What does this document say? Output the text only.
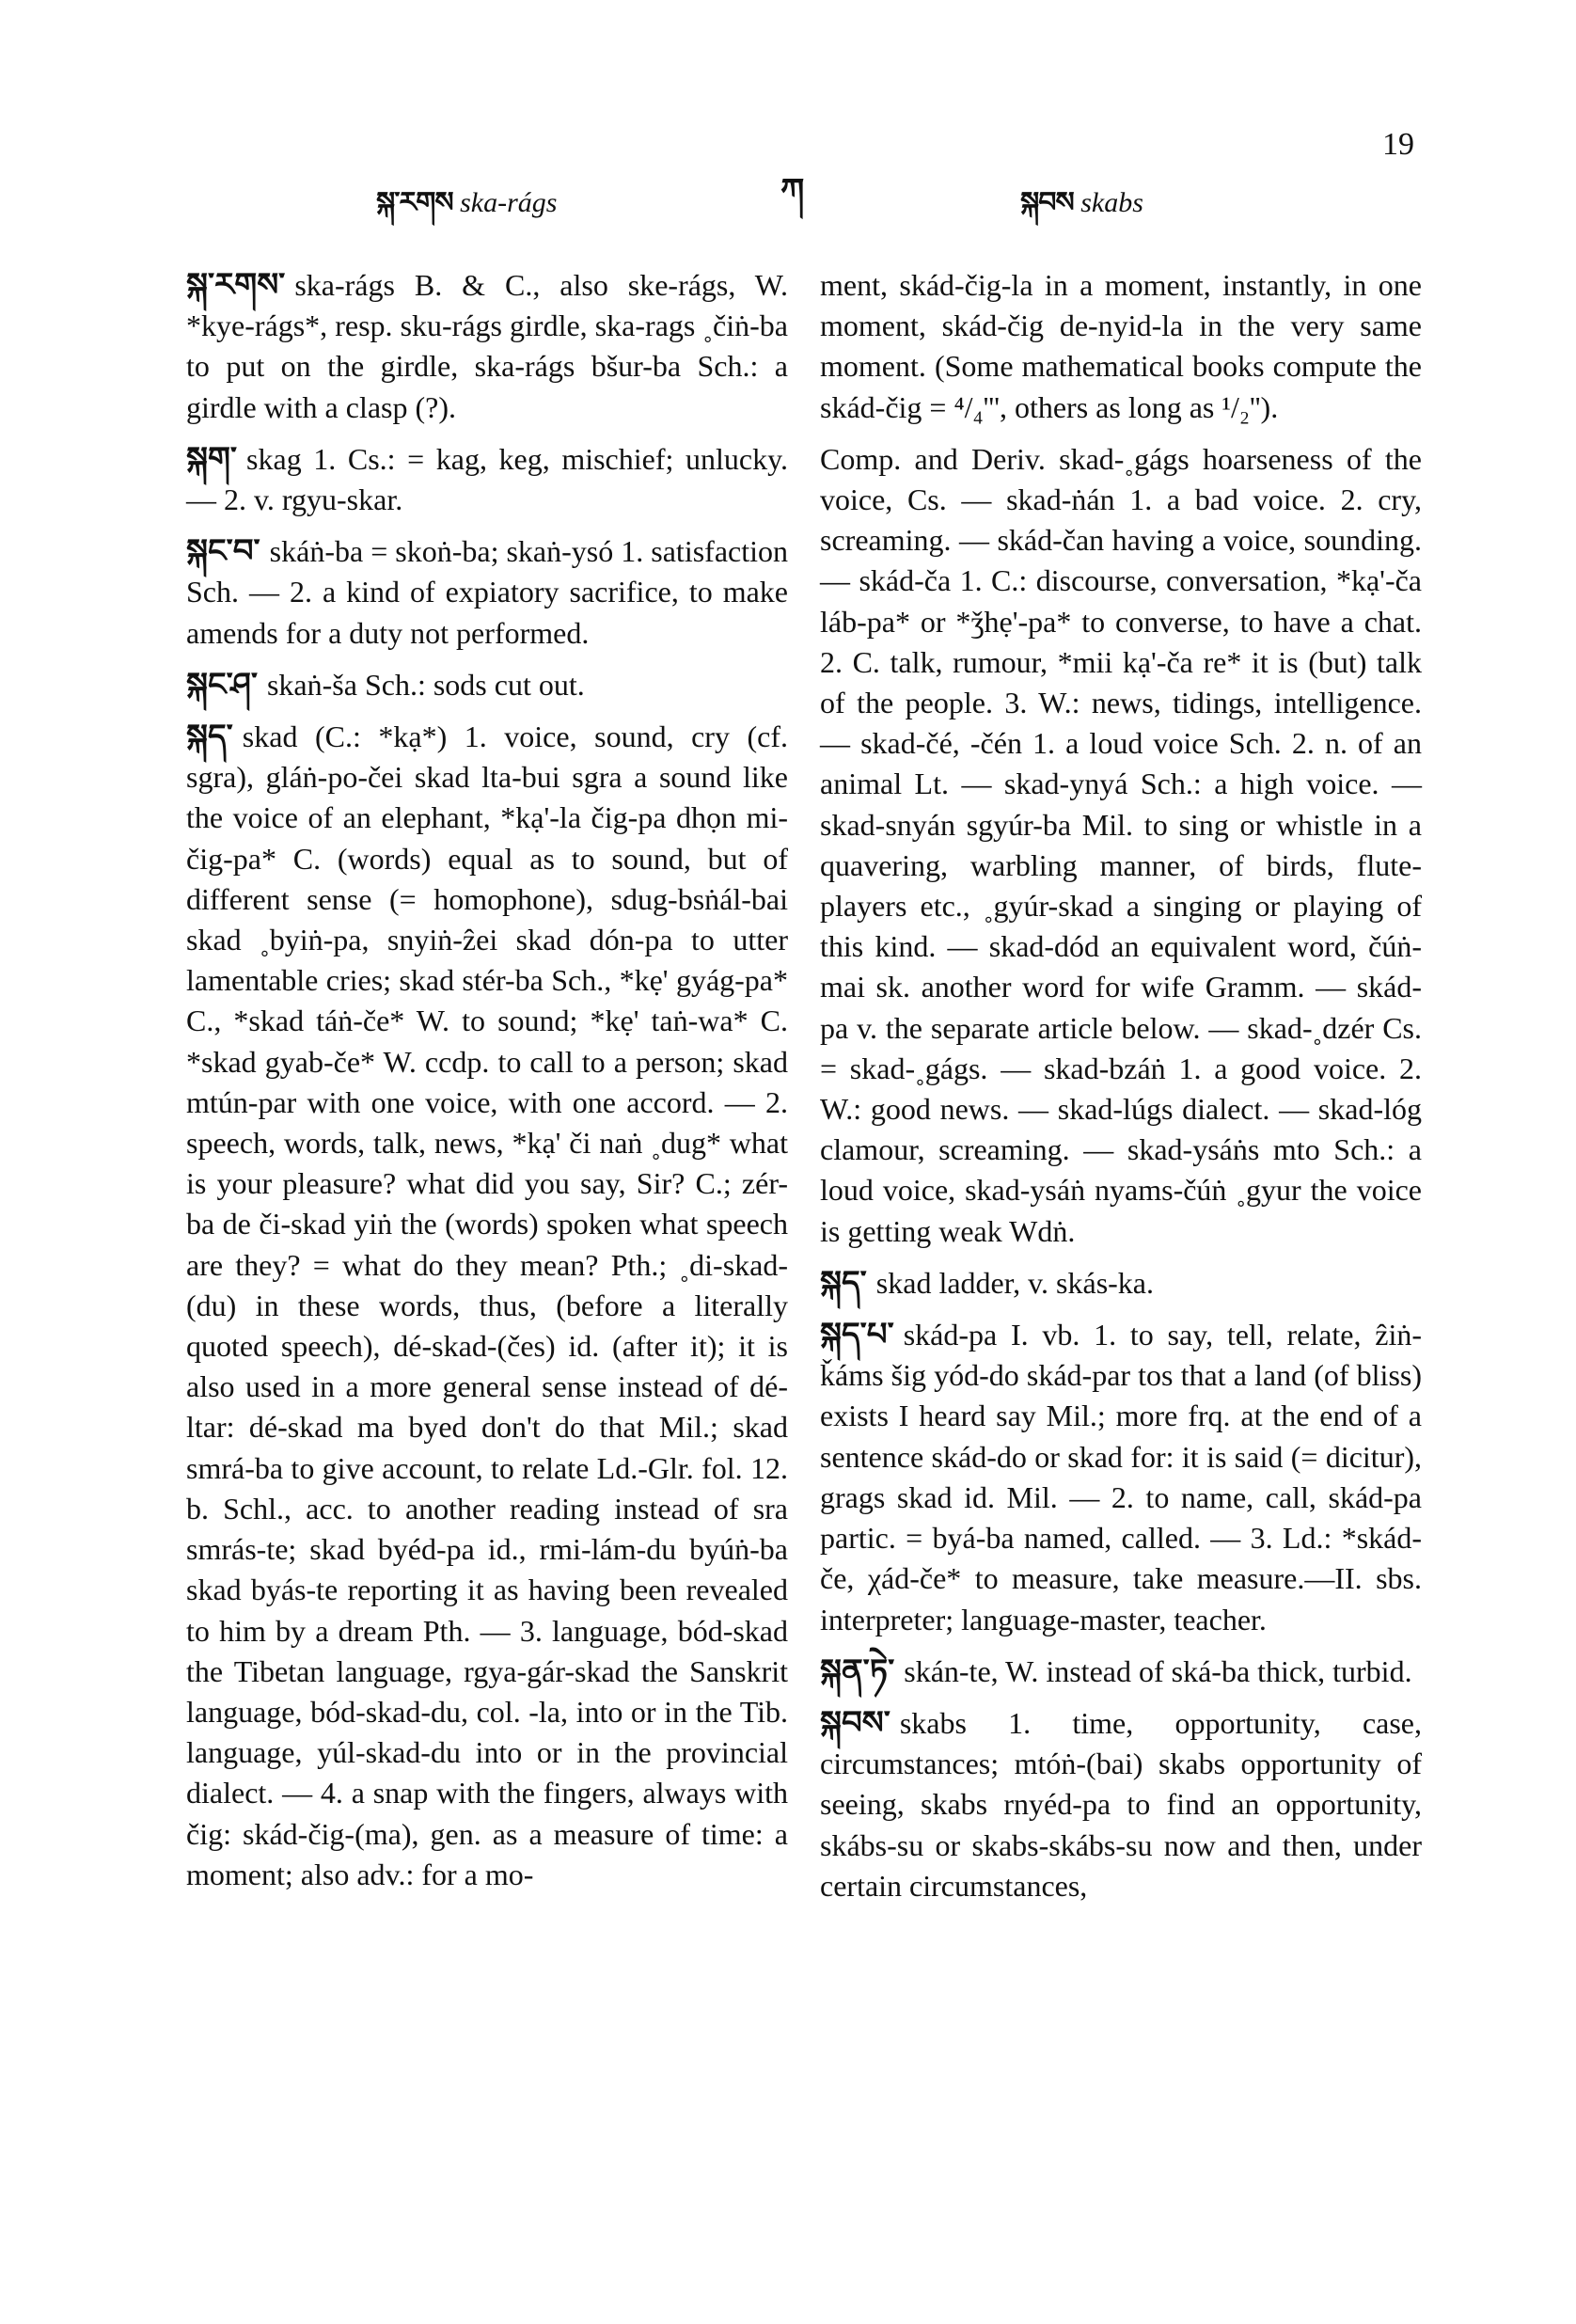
སྐ་རགས ska-rágs	ཀ	སྐབས skabs
19
སྐ་རགས་ ska-rágs B. & C., also ske-rágs, W. *kye-rágs*, resp. sku-rágs girdle, ska-rags ˳čiṅ-ba to put on the girdle, ska-rágs bšur-ba Sch.: a girdle with a clasp (?).
སྐག་ skag 1. Cs.: = kag, keg, mischief; unlucky. — 2. v. rgyu-skar.
སྐང་བ་ skáṅ-ba = skoṅ-ba; skaṅ-ysó 1. satisfaction Sch. — 2. a kind of expiatory sacrifice, to make amends for a duty not performed.
སྐང་ཤ་ skaṅ-ša Sch.: sods cut out.
སྐད་ skad (C.: *kạ*) 1. voice, sound, cry (cf. sgra), gláṅ-po-čei skad lta-bui sgra a sound like the voice of an elephant, *kạ'-la čig-pa dhọn mi-čig-pa* C. (words) equal as to sound, but of different sense (= homophone), sdug-bsṅál-bai skad ˳byiṅ-pa, snyiṅ-ẑei skad dón-pa to utter lamentable cries; skad stér-ba Sch., *kẹ' gyág-pa* C., *skad táṅ-če* W. to sound; *kẹ' taṅ-wa* C. *skad gyab-če* W. ccdp. to call to a person; skad mtún-par with one voice, with one accord. — 2. speech, words, talk, news, *kạ' či naṅ ˳dug* what is your pleasure? what did you say, Sir? C.; zér-ba de či-skad yiṅ the (words) spoken what speech are they? = what do they mean? Pth.; ˳di-skad-(du) in these words, thus, (before a literally quoted speech), dé-skad-(čes) id. (after it); it is also used in a more general sense instead of dé-ltar: dé-skad ma byed don't do that Mil.; skad smrá-ba to give account, to relate Ld.-Glr. fol. 12. b. Schl., acc. to another reading instead of sra smrás-te; skad byéd-pa id., rmi-lám-du byúṅ-ba skad byás-te reporting it as having been revealed to him by a dream Pth. — 3. language, bód-skad the Tibetan language, rgya-gár-skad the Sanskrit language, bód-skad-du, col. -la, into or in the Tib. language, yúl-skad-du into or in the provincial dialect. — 4. a snap with the fingers, always with čig: skád-čig-(ma), gen. as a measure of time: a moment; also adv.: for a mo-
ment, skád-čig-la in a moment, instantly, in one moment, skád-čig de-nyid-la in the very same moment. (Some mathematical books compute the skád-čig = ⁴/₄''', others as long as ¹/₂'').
Comp. and Deriv. skad-˳gágs hoarseness of the voice, Cs. — skad-ṅán 1. a bad voice. 2. cry, screaming. — skád-čan having a voice, sounding. — skád-ča 1. C.: discourse, conversation, *kạ'-ča láb-pa* or *ǯhẹ'-pa* to converse, to have a chat. 2. C. talk, rumour, *mii kạ'-ča re* it is (but) talk of the people. 3. W.: news, tidings, intelligence. — skad-čé, -čén 1. a loud voice Sch. 2. n. of an animal Lt. — skad-ynyá Sch.: a high voice. — skad-snyán sgyúr-ba Mil. to sing or whistle in a quavering, warbling manner, of birds, flute- players etc., ˳gyúr-skad a singing or playing of this kind. — skad-dód an equivalent word, čúṅ-mai sk. another word for wife Gramm. — skád-pa v. the separate article below. — skad-˳dzér Cs. = skad-˳gágs. — skad-bzáṅ 1. a good voice. 2. W.: good news. — skad-lúgs dialect. — skad-lóg clamour, screaming. — skad-ysáṅs mto Sch.: a loud voice, skad-ysáṅ nyams-čúṅ ˳gyur the voice is getting weak Wdṅ.
སྐད་ skad ladder, v. skás-ka.
སྐད་པ་ skád-pa I. vb. 1. to say, tell, relate, ẑiṅ-ǩáms šig yód-do skád-par tos that a land (of bliss) exists I heard say Mil.; more frq. at the end of a sentence skád-do or skad for: it is said (= dicitur), grags skad id. Mil. — 2. to name, call, skád-pa partic. = byá-ba named, called. — 3. Ld.: *skád-če, χád-če* to measure, take measure.—II. sbs. interpreter; language-master, teacher.
སྐན་ཏེ་ skán-te, W. instead of ská-ba thick, turbid.
སྐབས་ skabs 1. time, opportunity, case, circumstances; mtóṅ-(bai) skabs opportunity of seeing, skabs rnyéd-pa to find an opportunity, skábs-su or skabs-skábs-su now and then, under certain circumstances,
